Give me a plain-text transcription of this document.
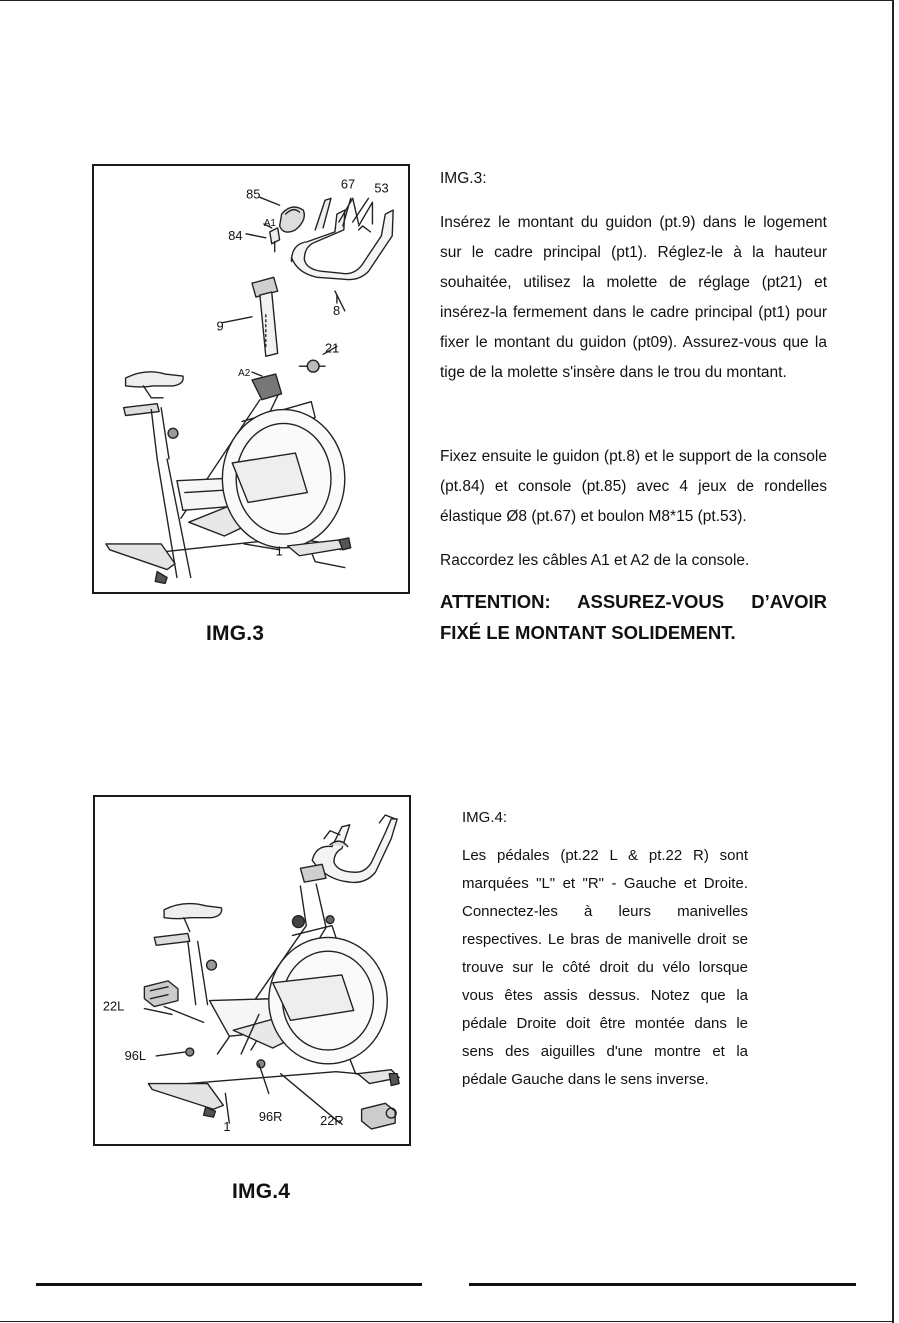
85
67 53
A1
84
8
9
21
A2
1
IMG.3

IMG.3:

Insérez le montant du guidon (pt.9) dans le logement sur le cadre principal (pt1). Réglez-le à la hauteur souhaitée, utilisez la molette de réglage (pt21) et insérez-la fermement dans le cadre principal (pt1) pour fixer le montant du guidon (pt09). Assurez-vous que la tige de la molette s'insère dans le trou du montant.

Fixez ensuite le guidon (pt.8) et le support de la console (pt.84) et console (pt.85) avec 4 jeux de rondelles élastique Ø8 (pt.67) et boulon M8*15 (pt.53).

Raccordez les câbles A1 et A2 de la console.

ATTENTION: ASSUREZ-VOUS D’AVOIR FIXÉ LE MONTANT SOLIDEMENT.

22L
96L
96R	22R
1
IMG.4

IMG.4:

Les pédales (pt.22 L & pt.22 R) sont marquées "L" et "R" - Gauche et Droite. Connectez-les à leurs manivelles respectives. Le bras de manivelle droit se trouve sur le côté droit du vélo lorsque vous êtes assis dessus. Notez que la pédale Droite doit être montée dans le sens des aiguilles d'une montre et la pédale Gauche dans le sens inverse.
